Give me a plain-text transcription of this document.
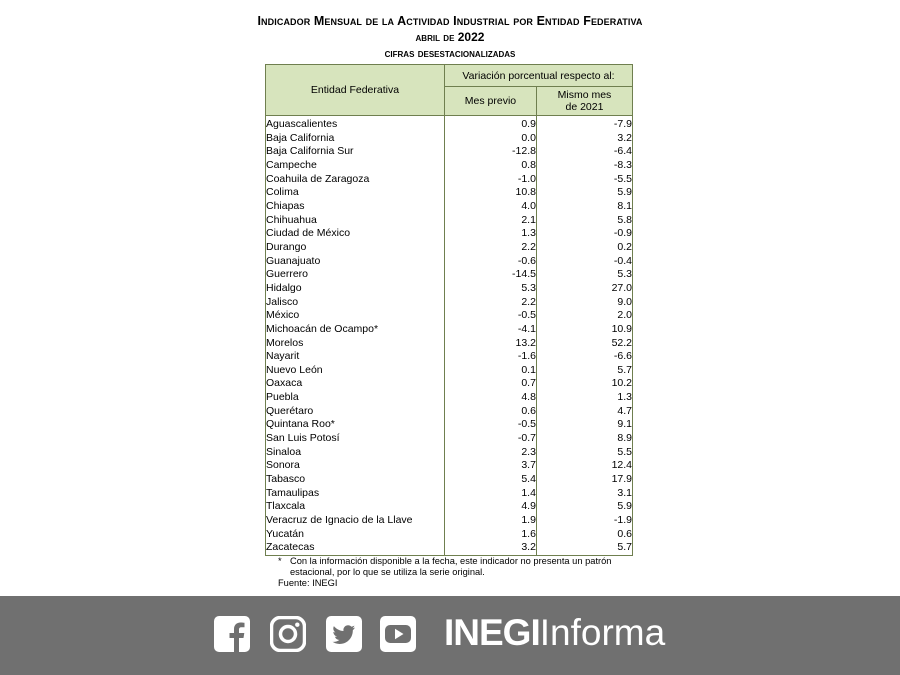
Indicador Mensual de la Actividad Industrial por Entidad Federativa
abril de 2022
cifras desestacionalizadas
Entidad Federativa	Variación porcentual respecto al:	
	Mes previo	Mismo mes
de 2021
Aguascalientes	0.9	-7.9
Baja California	0.0	3.2
Baja California Sur	-12.8	-6.4
Campeche	0.8	-8.3
Coahuila de Zaragoza	-1.0	-5.5
Colima	10.8	5.9
Chiapas	4.0	8.1
Chihuahua	2.1	5.8
Ciudad de México	1.3	-0.9
Durango	2.2	0.2
Guanajuato	-0.6	-0.4
Guerrero	-14.5	5.3
Hidalgo	5.3	27.0
Jalisco	2.2	9.0
México	-0.5	2.0
Michoacán de Ocampo*	-4.1	10.9
Morelos	13.2	52.2
Nayarit	-1.6	-6.6
Nuevo León	0.1	5.7
Oaxaca	0.7	10.2
Puebla	4.8	1.3
Querétaro	0.6	4.7
Quintana Roo*	-0.5	9.1
San Luis Potosí	-0.7	8.9
Sinaloa	2.3	5.5
Sonora	3.7	12.4
Tabasco	5.4	17.9
Tamaulipas	1.4	3.1
Tlaxcala	4.9	5.9
Veracruz de Ignacio de la Llave	1.9	-1.9
Yucatán	1.6	0.6
Zacatecas	3.2	5.7
* Con la información disponible a la fecha, este indicador no presenta un patrón estacional, por lo que se utiliza la serie original.
Fuente: INEGI
INEGIInforma
